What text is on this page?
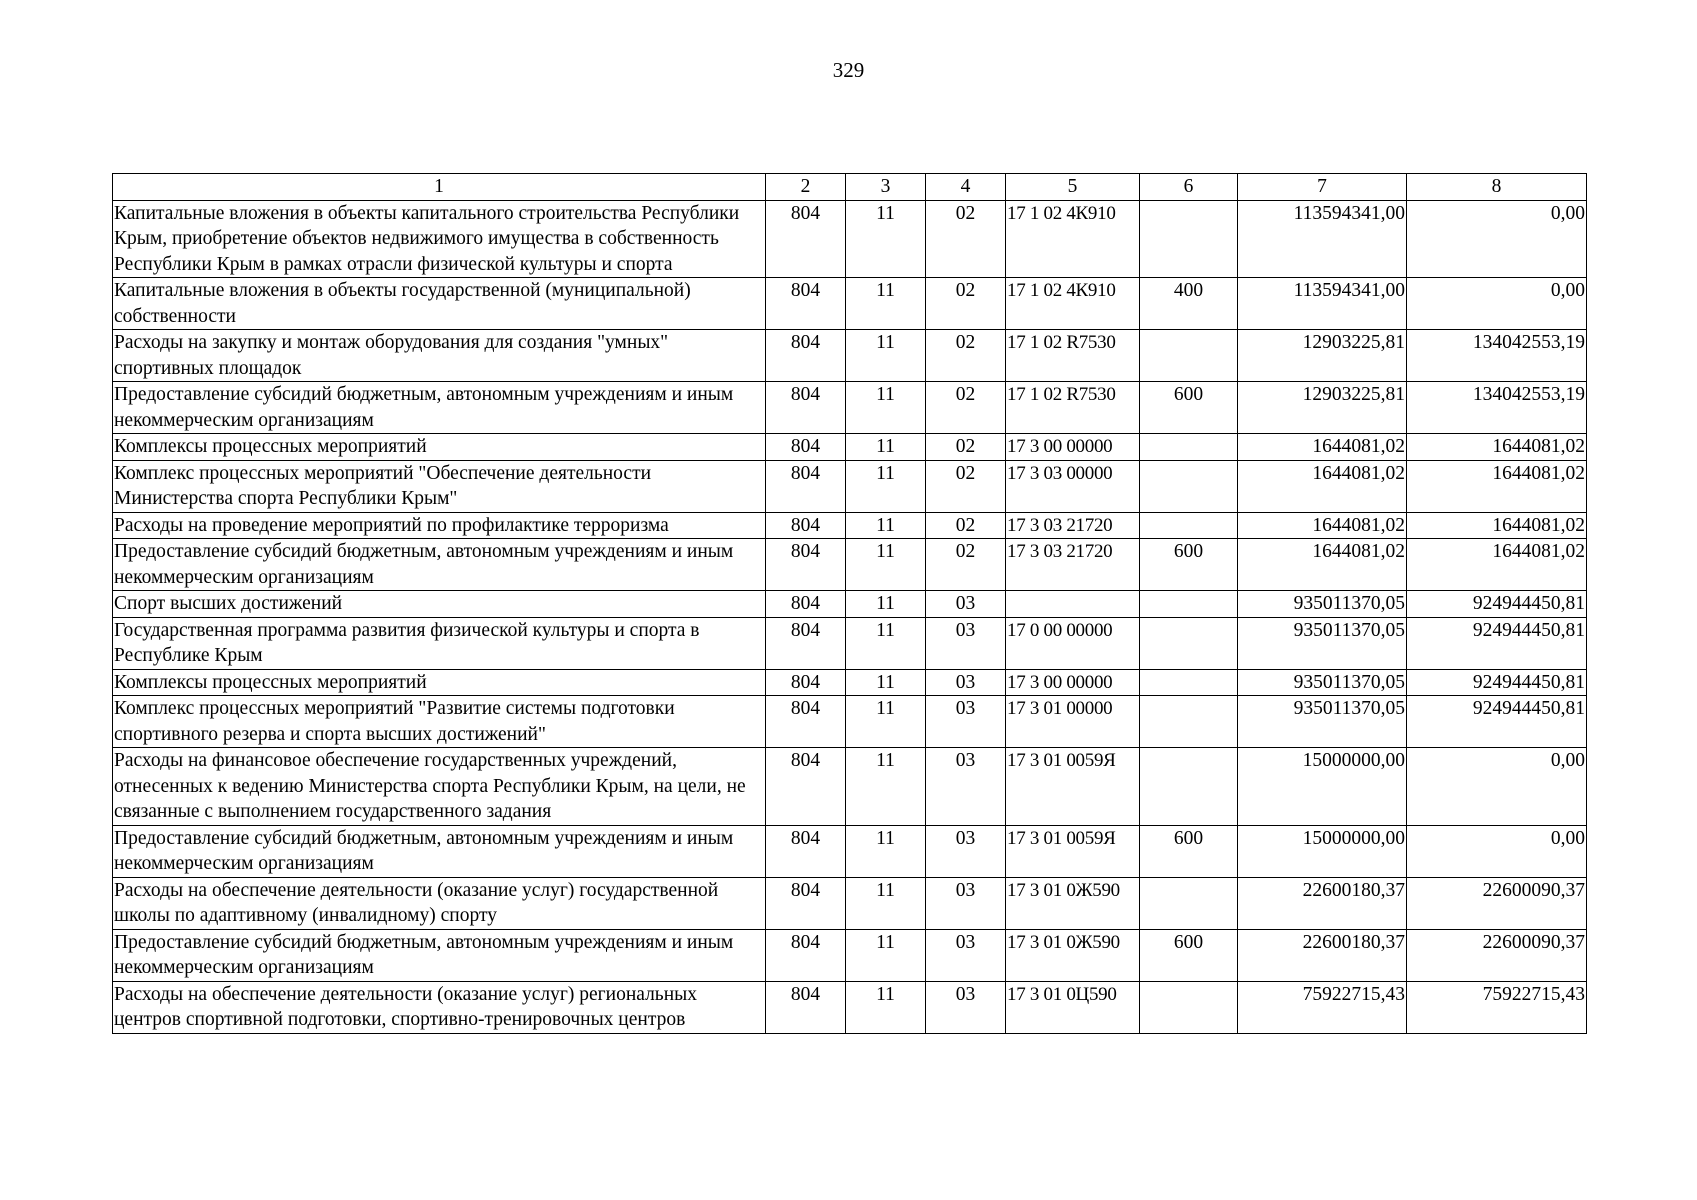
329
1	2	3	4	5	6	7	8
Капитальные вложения в объекты капитального строительства Республики Крым, приобретение объектов недвижимого имущества в собственность Республики Крым в рамках отрасли физической культуры и спорта	804	11	02	17 1 02 4К910		113594341,00	0,00
Капитальные вложения в объекты государственной (муниципальной) собственности	804	11	02	17 1 02 4К910	400	113594341,00	0,00
Расходы на закупку и монтаж оборудования для создания "умных" спортивных площадок	804	11	02	17 1 02 R7530		12903225,81	134042553,19
Предоставление субсидий бюджетным, автономным учреждениям и иным некоммерческим организациям	804	11	02	17 1 02 R7530	600	12903225,81	134042553,19
Комплексы процессных мероприятий	804	11	02	17 3 00 00000		1644081,02	1644081,02
Комплекс процессных мероприятий "Обеспечение деятельности Министерства спорта Республики Крым"	804	11	02	17 3 03 00000		1644081,02	1644081,02
Расходы на проведение мероприятий по профилактике терроризма	804	11	02	17 3 03 21720		1644081,02	1644081,02
Предоставление субсидий бюджетным, автономным учреждениям и иным некоммерческим организациям	804	11	02	17 3 03 21720	600	1644081,02	1644081,02
Спорт высших достижений	804	11	03			935011370,05	924944450,81
Государственная программа развития физической культуры и спорта в Республике Крым	804	11	03	17 0 00 00000		935011370,05	924944450,81
Комплексы процессных мероприятий	804	11	03	17 3 00 00000		935011370,05	924944450,81
Комплекс процессных мероприятий "Развитие системы подготовки спортивного резерва и спорта высших достижений"	804	11	03	17 3 01 00000		935011370,05	924944450,81
Расходы на финансовое обеспечение государственных учреждений, отнесенных к ведению Министерства спорта Республики Крым, на цели, не связанные с выполнением государственного задания	804	11	03	17 3 01 0059Я		15000000,00	0,00
Предоставление субсидий бюджетным, автономным учреждениям и иным некоммерческим организациям	804	11	03	17 3 01 0059Я	600	15000000,00	0,00
Расходы на обеспечение деятельности (оказание услуг) государственной школы по адаптивному (инвалидному) спорту	804	11	03	17 3 01 0Ж590		22600180,37	22600090,37
Предоставление субсидий бюджетным, автономным учреждениям и иным некоммерческим организациям	804	11	03	17 3 01 0Ж590	600	22600180,37	22600090,37
Расходы на обеспечение деятельности (оказание услуг) региональных центров спортивной подготовки, спортивно-тренировочных центров	804	11	03	17 3 01 0Ц590		75922715,43	75922715,43
